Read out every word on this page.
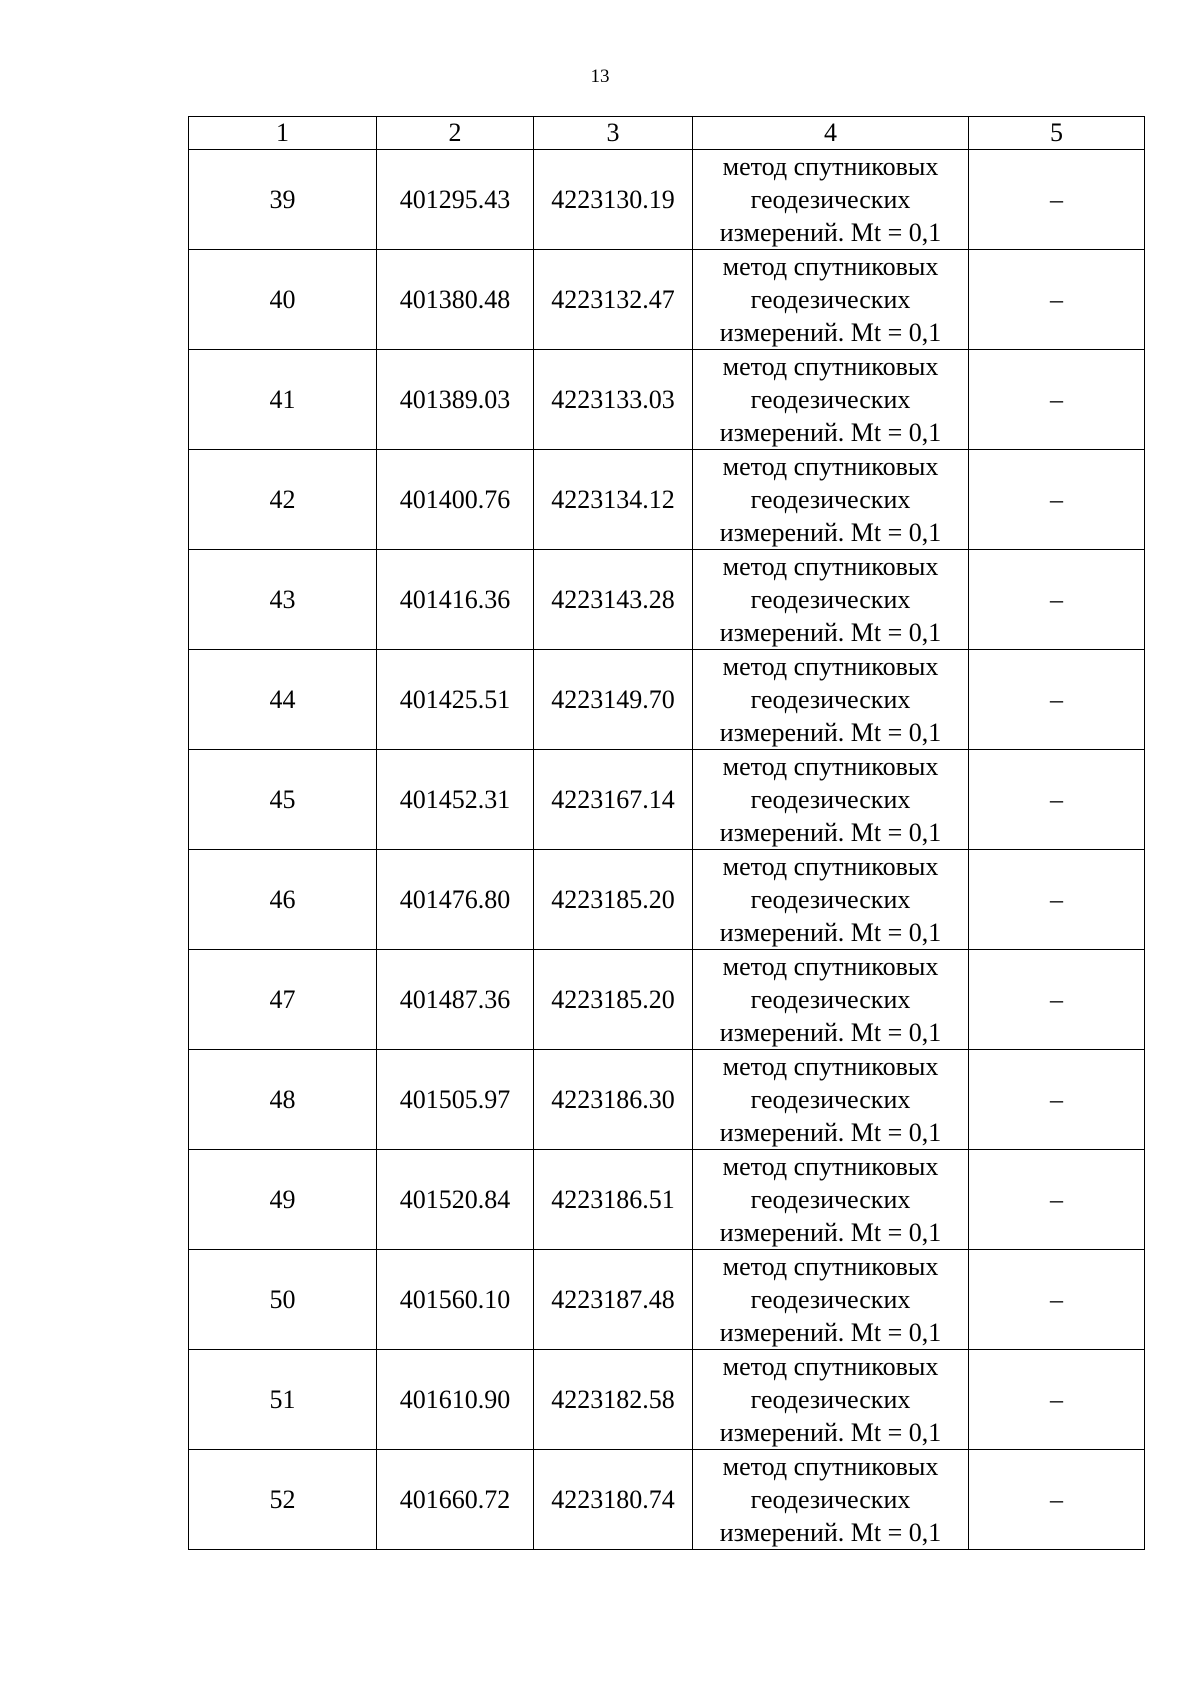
13
1	2	3	4	5
39	401295.43	4223130.19	метод спутниковых
геодезических
измерений. Mt = 0,1	–
40	401380.48	4223132.47	метод спутниковых
геодезических
измерений. Mt = 0,1	–
41	401389.03	4223133.03	метод спутниковых
геодезических
измерений. Mt = 0,1	–
42	401400.76	4223134.12	метод спутниковых
геодезических
измерений. Mt = 0,1	–
43	401416.36	4223143.28	метод спутниковых
геодезических
измерений. Mt = 0,1	–
44	401425.51	4223149.70	метод спутниковых
геодезических
измерений. Mt = 0,1	–
45	401452.31	4223167.14	метод спутниковых
геодезических
измерений. Mt = 0,1	–
46	401476.80	4223185.20	метод спутниковых
геодезических
измерений. Mt = 0,1	–
47	401487.36	4223185.20	метод спутниковых
геодезических
измерений. Mt = 0,1	–
48	401505.97	4223186.30	метод спутниковых
геодезических
измерений. Mt = 0,1	–
49	401520.84	4223186.51	метод спутниковых
геодезических
измерений. Mt = 0,1	–
50	401560.10	4223187.48	метод спутниковых
геодезических
измерений. Mt = 0,1	–
51	401610.90	4223182.58	метод спутниковых
геодезических
измерений. Mt = 0,1	–
52	401660.72	4223180.74	метод спутниковых
геодезических
измерений. Mt = 0,1	–
